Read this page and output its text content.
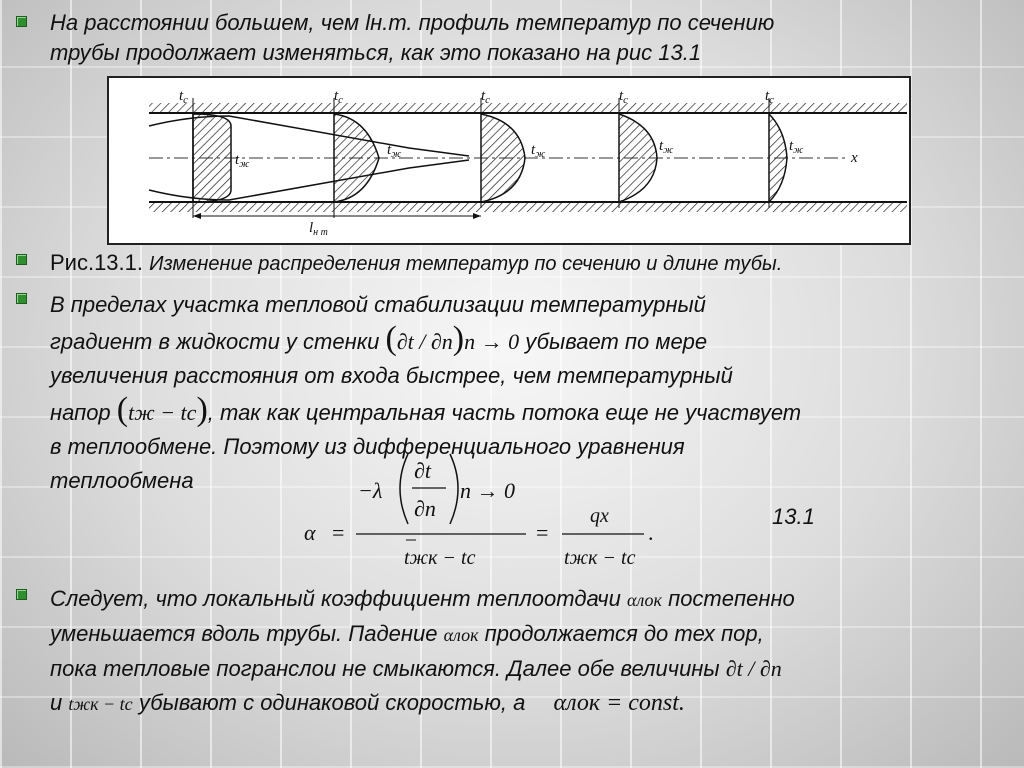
На расстоянии большем, чем lн.т. профиль температур по сечению
трубы продолжает изменяться, как это показано на рис 13.1

$t_c$	$t_c$	$t_c$	$t_c$	$t_c$
$t_ж$
$t_ж$	$t_ж$	$t_ж$	$t_ж$	x
$l_{н т}$

Рис.13.1. Изменение распределения температур по сечению и длине тубы.

В пределах участка тепловой стабилизации температурный
градиент в жидкости у стенки (∂t / ∂n)n → 0 убывает по мере
увеличения расстояния от входа быстрее, чем температурный
напор (tж − tс), так как центральная часть потока еще не участвует
в теплообмене. Поэтому из дифференциального уравнения
теплообмена
α =
−λ
∂t
∂n
n → 0
tжк − tс
=
qx
tжк − tс
.
13.1
Следует, что локальный коэффициент теплоотдачи αлок постепенно
уменьшается вдоль трубы. Падение αлок продолжается до тех пор,
пока тепловые погранслои не смыкаются. Далее обе величины ∂t / ∂n
и tжк − tс убывают с одинаковой скоростью, а αлок = const.
